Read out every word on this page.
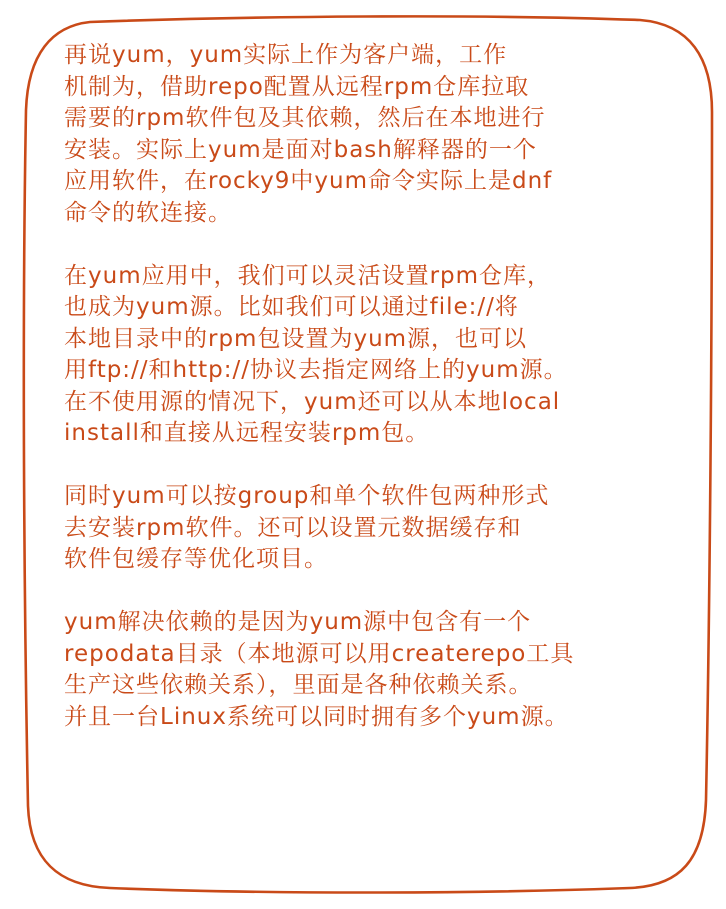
再说yum，yum实际上作为客户端，工作
机制为，借助repo配置从远程rpm仓库拉取
需要的rpm软件包及其依赖，然后在本地进行
安装。实际上yum是面对bash解释器的一个
应用软件，在rocky9中yum命令实际上是dnf
命令的软连接。

在yum应用中，我们可以灵活设置rpm仓库，
也成为yum源。比如我们可以通过file://将
本地目录中的rpm包设置为yum源，也可以
用ftp://和http://协议去指定网络上的yum源。
在不使用源的情况下，yum还可以从本地local
install和直接从远程安装rpm包。

同时yum可以按group和单个软件包两种形式
去安装rpm软件。还可以设置元数据缓存和
软件包缓存等优化项目。

yum解决依赖的是因为yum源中包含有一个
repodata目录（本地源可以用createrepo工具
生产这些依赖关系），里面是各种依赖关系。
并且一台Linux系统可以同时拥有多个yum源。
